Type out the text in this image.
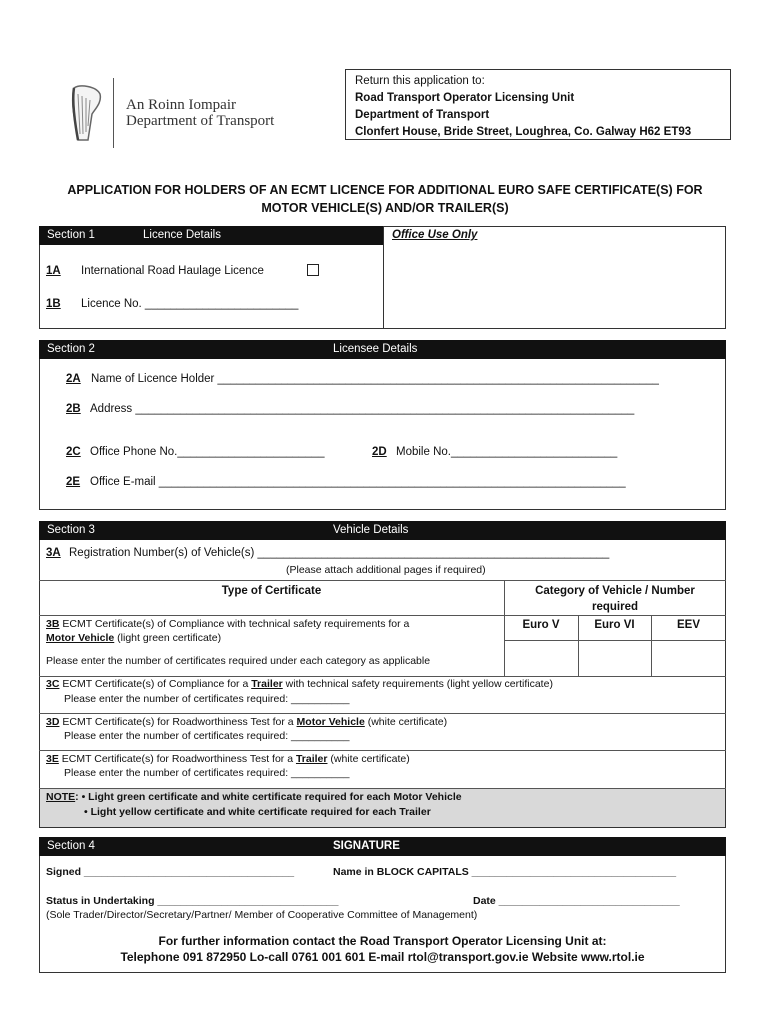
An Roinn Iompair
Department of Transport
Return this application to:
Road Transport Operator Licensing Unit
Department of Transport
Clonfert House, Bride Street, Loughrea, Co. Galway H62 ET93
APPLICATION FOR HOLDERS OF AN ECMT LICENCE FOR ADDITIONAL EURO SAFE CERTIFICATE(S) FOR
MOTOR VEHICLE(S) AND/OR TRAILER(S)
Section 1	Licence Details	Office Use Only
1A International Road Haulage Licence
1B Licence No. ________________________
Section 2	Licensee Details
2A Name of Licence Holder _____________________________________________________________________
2B Address ______________________________________________________________________________
2C Office Phone No._______________________	2D Mobile No.__________________________
2E Office E-mail _________________________________________________________________________
Section 3	Vehicle Details
3A Registration Number(s) of Vehicle(s) _______________________________________________________
(Please attach additional pages if required)
Type of Certificate	Category of Vehicle / Number
required
Euro V	Euro VI	EEV
3B ECMT Certificate(s) of Compliance with technical safety requirements for a
Motor Vehicle (light green certificate)
Please enter the number of certificates required under each category as applicable
3C ECMT Certificate(s) of Compliance for a Trailer with technical safety requirements (light yellow certificate)
Please enter the number of certificates required: __________
3D ECMT Certificate(s) for Roadworthiness Test for a Motor Vehicle (white certificate)
Please enter the number of certificates required: __________
3E ECMT Certificate(s) for Roadworthiness Test for a Trailer (white certificate)
Please enter the number of certificates required: __________
NOTE: • Light green certificate and white certificate required for each Motor Vehicle
• Light yellow certificate and white certificate required for each Trailer
Section 4	SIGNATURE
Signed ____________________________________	Name in BLOCK CAPITALS ___________________________________
Status in Undertaking _______________________________	Date _______________________________
(Sole Trader/Director/Secretary/Partner/ Member of Cooperative Committee of Management)
For further information contact the Road Transport Operator Licensing Unit at:
Telephone 091 872950 Lo-call 0761 001 601 E-mail rtol@transport.gov.ie Website www.rtol.ie
